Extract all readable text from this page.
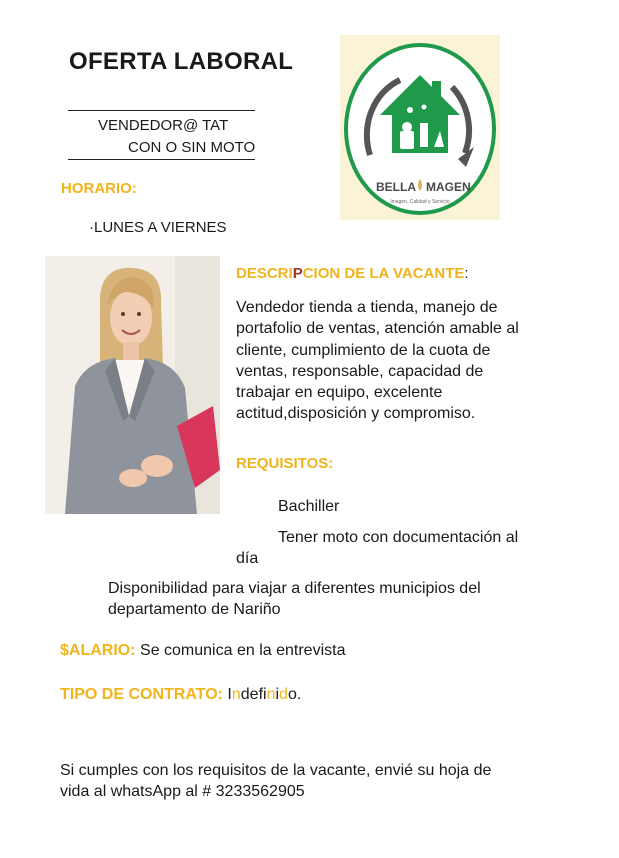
OFERTA LABORAL
VENDEDOR@ TAT
CON O SIN MOTO
BELLA MAGEN
Imagen, Calidad y Servicio
HORARIO:
·LUNES A VIERNES
DESCRIPCION DE LA VACANTE:
Vendedor tienda a tienda, manejo de
portafolio de ventas, atención amable al
cliente, cumplimiento de la cuota de
ventas, responsable, capacidad de
trabajar en equipo, excelente
actitud,disposición y compromiso.
REQUISITOS:
Bachiller
Tener moto con documentación al
día
Disponibilidad para viajar a diferentes municipios del
departamento de Nariño
$ALARIO: Se comunica en la entrevista
TIPO DE CONTRATO: Indefinido.
Si cumples con los requisitos de la vacante, envié su hoja de
vida al whatsApp al # 3233562905
